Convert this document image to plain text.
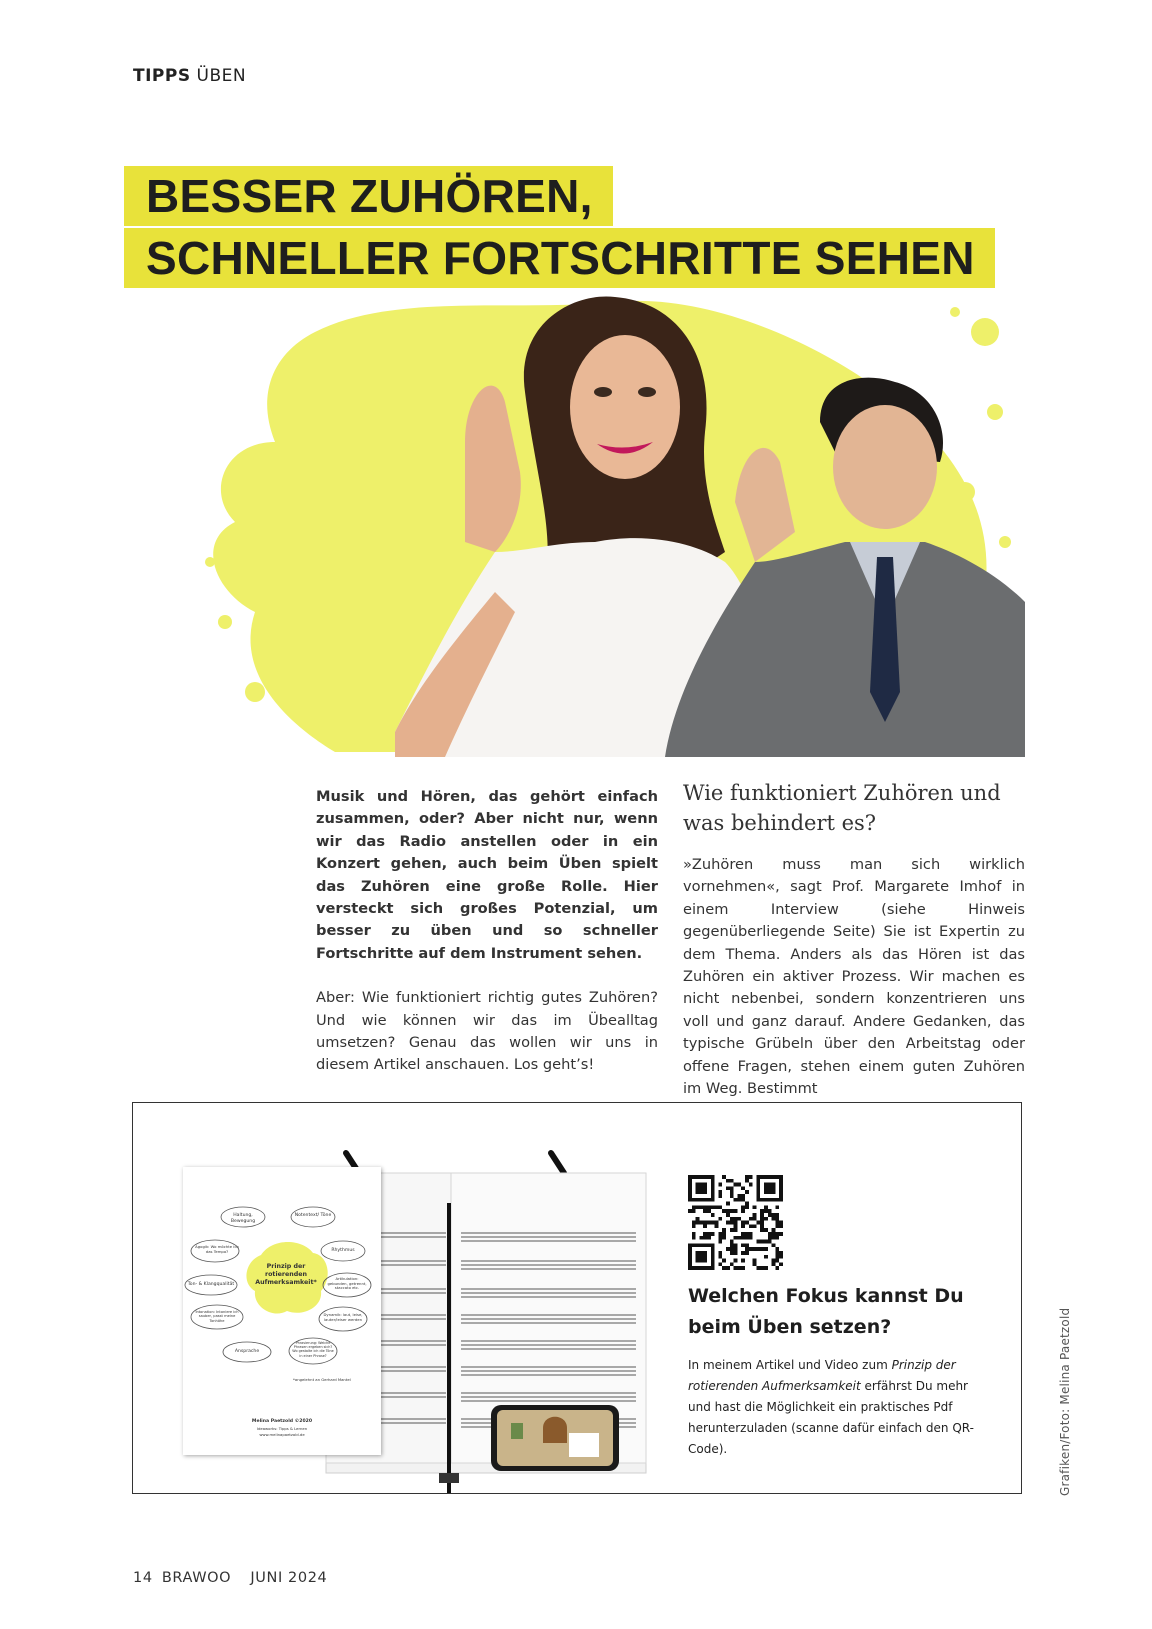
TIPPS ÜBEN
BESSER ZUHÖREN,
SCHNELLER FORTSCHRITTE SEHEN

Musik und Hören, das gehört einfach zusammen, oder? Aber nicht nur, wenn wir das Radio anstellen oder in ein Konzert gehen, auch beim Üben spielt das Zuhören eine große Rolle. Hier versteckt sich großes Potenzial, um besser zu üben und so schneller Fortschritte auf dem Instrument sehen.

Aber: Wie funktioniert richtig gutes Zuhören? Und wie können wir das im Übealltag umsetzen? Genau das wollen wir uns in diesem Artikel anschauen. Los geht’s!

Wie funktioniert Zuhören und was behindert es?

»Zuhören muss man sich wirklich vornehmen«, sagt Prof. Margarete Imhof in einem Interview (siehe Hinweis gegenüberliegende Seite) Sie ist Expertin zu dem Thema. Anders als das Hören ist das Zuhören ein aktiver Prozess. Wir machen es nicht nebenbei, sondern konzentrieren uns voll und ganz darauf. Andere Gedanken, das typische Grübeln über den Arbeitstag oder offene Fragen, stehen einem guten Zuhören im Weg. Bestimmt

Prinzip der rotierenden Aufmerksamkeit*
Haltung, Bewegung
Notentext/ Töne
Agogik: Wo möchte ich das Tempo?	Rhythmus
Ton- & Klangqualität
Artikulation: gebunden, getrennt, staccato etc.
Intonation: Intoniere ich sauber, passt meine Tonhöhe
Dynamik: laut, leise, lauter/leiser werden
Ansprache
Phrasierung: Welche Phrasen ergeben sich? Wo gestalte ich die Töne in einer Phrase?
*angelehnt an Gerhard Mantel
Melina Paetzold ©2020
Ideaworks: Tipps & Lernen
www.melinapaetzold.de
Welchen Fokus kannst Du beim Üben setzen?
In meinem Artikel und Video zum Prinzip der rotierenden Aufmerksamkeit erfährst Du mehr und hast die Möglichkeit ein praktisches Pdf herunterzuladen (scanne dafür einfach den QR-Code).	Grafiken/Foto: Melina Paetzold
14 BRAWOO JUNI 2024
